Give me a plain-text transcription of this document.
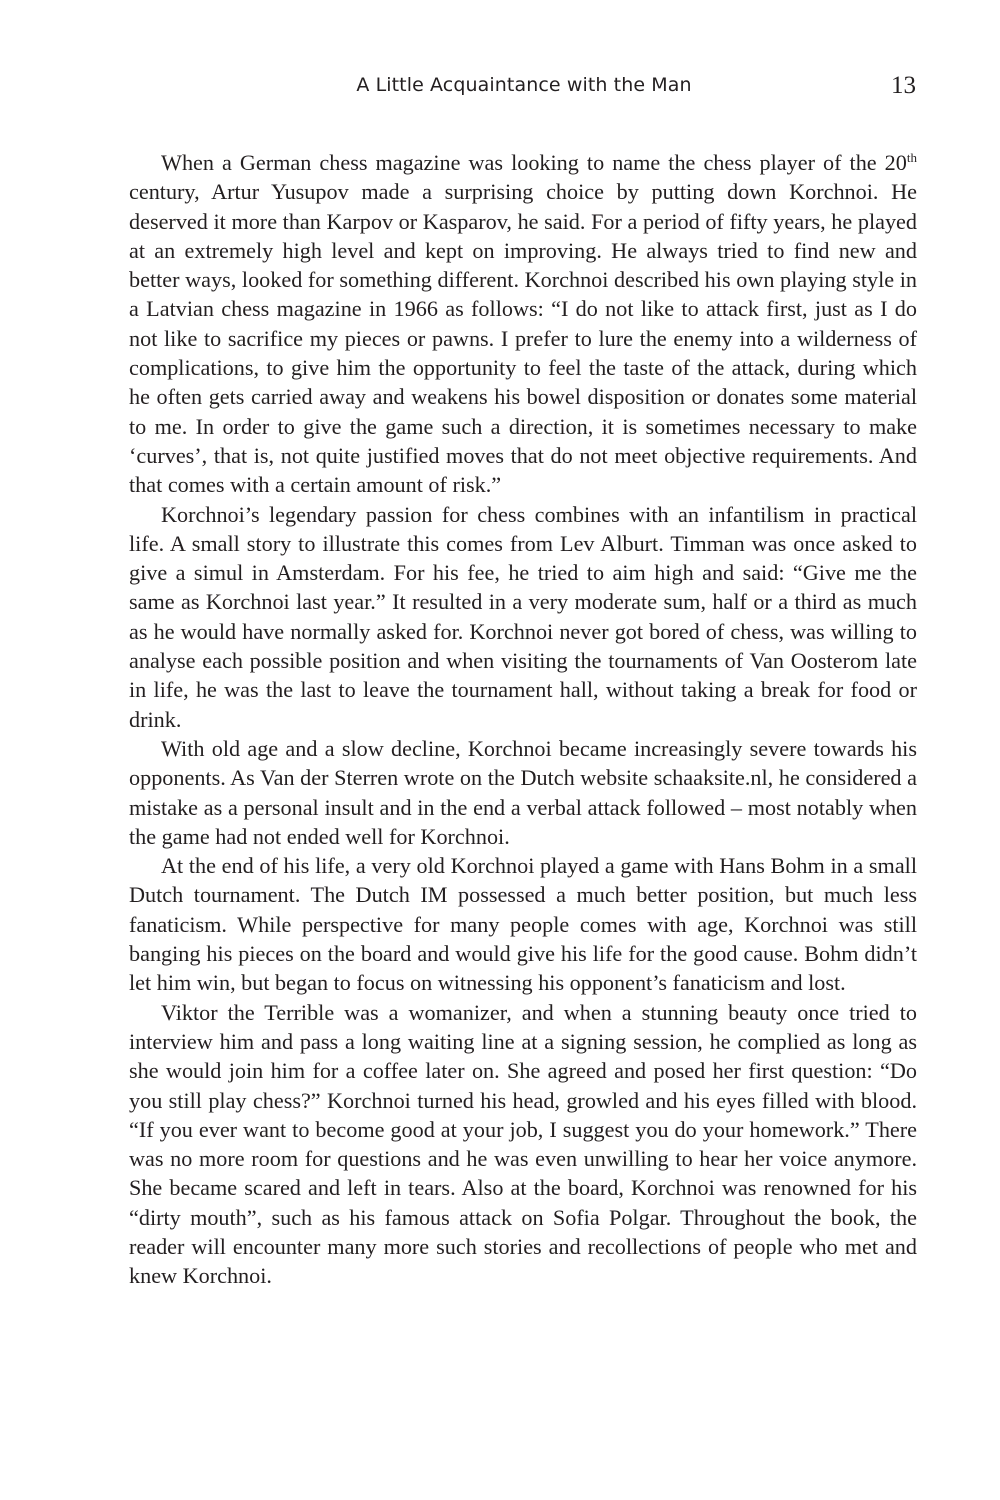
A Little Acquaintance with the Man	13

When a German chess magazine was looking to name the chess player of the 20th century, Artur Yusupov made a surprising choice by putting down Korchnoi. He deserved it more than Karpov or Kasparov, he said. For a period of fifty years, he played at an extremely high level and kept on improving. He always tried to find new and better ways, looked for something different. Korchnoi described his own playing style in a Latvian chess magazine in 1966 as follows: “I do not like to attack first, just as I do not like to sacrifice my pieces or pawns. I prefer to lure the enemy into a wilderness of complications, to give him the opportunity to feel the taste of the attack, during which he often gets carried away and weakens his bowel disposition or donates some material to me. In order to give the game such a direction, it is sometimes necessary to make ‘curves’, that is, not quite justified moves that do not meet objective requirements. And that comes with a certain amount of risk.”

Korchnoi’s legendary passion for chess combines with an infantilism in practical life. A small story to illustrate this comes from Lev Alburt. Timman was once asked to give a simul in Amsterdam. For his fee, he tried to aim high and said: “Give me the same as Korchnoi last year.” It resulted in a very moderate sum, half or a third as much as he would have normally asked for. Korchnoi never got bored of chess, was willing to analyse each possible position and when visiting the tournaments of Van Oosterom late in life, he was the last to leave the tournament hall, without taking a break for food or drink.

With old age and a slow decline, Korchnoi became increasingly severe towards his opponents. As Van der Sterren wrote on the Dutch website schaaksite.nl, he considered a mistake as a personal insult and in the end a verbal attack followed – most notably when the game had not ended well for Korchnoi.

At the end of his life, a very old Korchnoi played a game with Hans Bohm in a small Dutch tournament. The Dutch IM possessed a much better position, but much less fanaticism. While perspective for many people comes with age, Korchnoi was still banging his pieces on the board and would give his life for the good cause. Bohm didn’t let him win, but began to focus on witnessing his opponent’s fanaticism and lost.

Viktor the Terrible was a womanizer, and when a stunning beauty once tried to interview him and pass a long waiting line at a signing session, he complied as long as she would join him for a coffee later on. She agreed and posed her first question: “Do you still play chess?” Korchnoi turned his head, growled and his eyes filled with blood. “If you ever want to become good at your job, I suggest you do your homework.” There was no more room for questions and he was even unwilling to hear her voice anymore. She became scared and left in tears. Also at the board, Korchnoi was renowned for his “dirty mouth”, such as his famous attack on Sofia Polgar. Throughout the book, the reader will encounter many more such stories and recollections of people who met and knew Korchnoi.
